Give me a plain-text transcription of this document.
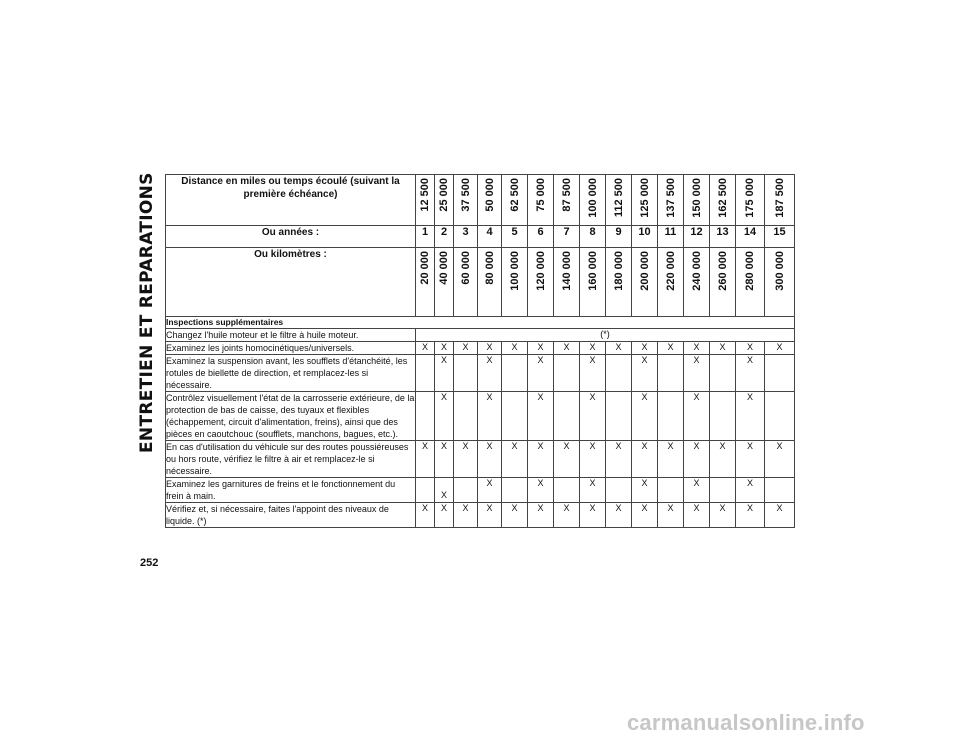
ENTRETIEN ET REPARATIONS
252
Distance en miles ou temps écoulé (suivant la première échéance)	12 500	25 000	37 500	50 000	62 500	75 000	87 500	100 000	112 500	125 000	137 500	150 000	162 500	175 000	187 500
Ou années :	1	2	3	4	5	6	7	8	9	10	11	12	13	14	15
Ou kilomètres :	20 000	40 000	60 000	80 000	100 000	120 000	140 000	160 000	180 000	200 000	220 000	240 000	260 000	280 000	300 000
Inspections supplémentaires															
Changez l'huile moteur et le filtre à huile moteur.	(*)														
Examinez les joints homocinétiques/universels.	X	X	X	X	X	X	X	X	X	X	X	X	X	X	X
Examinez la suspension avant, les soufflets d'étanchéité, les rotules de biellette de direction, et remplacez-les si nécessaire.		X		X		X		X		X		X		X	
Contrôlez visuellement l'état de la carrosserie extérieure, de la protection de bas de caisse, des tuyaux et flexibles (échappement, circuit d'alimentation, freins), ainsi que des pièces en caoutchouc (soufflets, manchons, bagues, etc.).		X		X		X		X		X		X		X	
En cas d'utilisation du véhicule sur des routes poussiéreuses ou hors route, vérifiez le filtre à air et remplacez-le si nécessaire.	X	X	X	X	X	X	X	X	X	X	X	X	X	X	X
Examinez les garnitures de freins et le fonctionnement du frein à main.		X		X		X		X		X		X		X	
Vérifiez et, si nécessaire, faites l'appoint des niveaux de liquide. (*)	X	X	X	X	X	X	X	X	X	X	X	X	X	X	X
carmanualsonline.info
